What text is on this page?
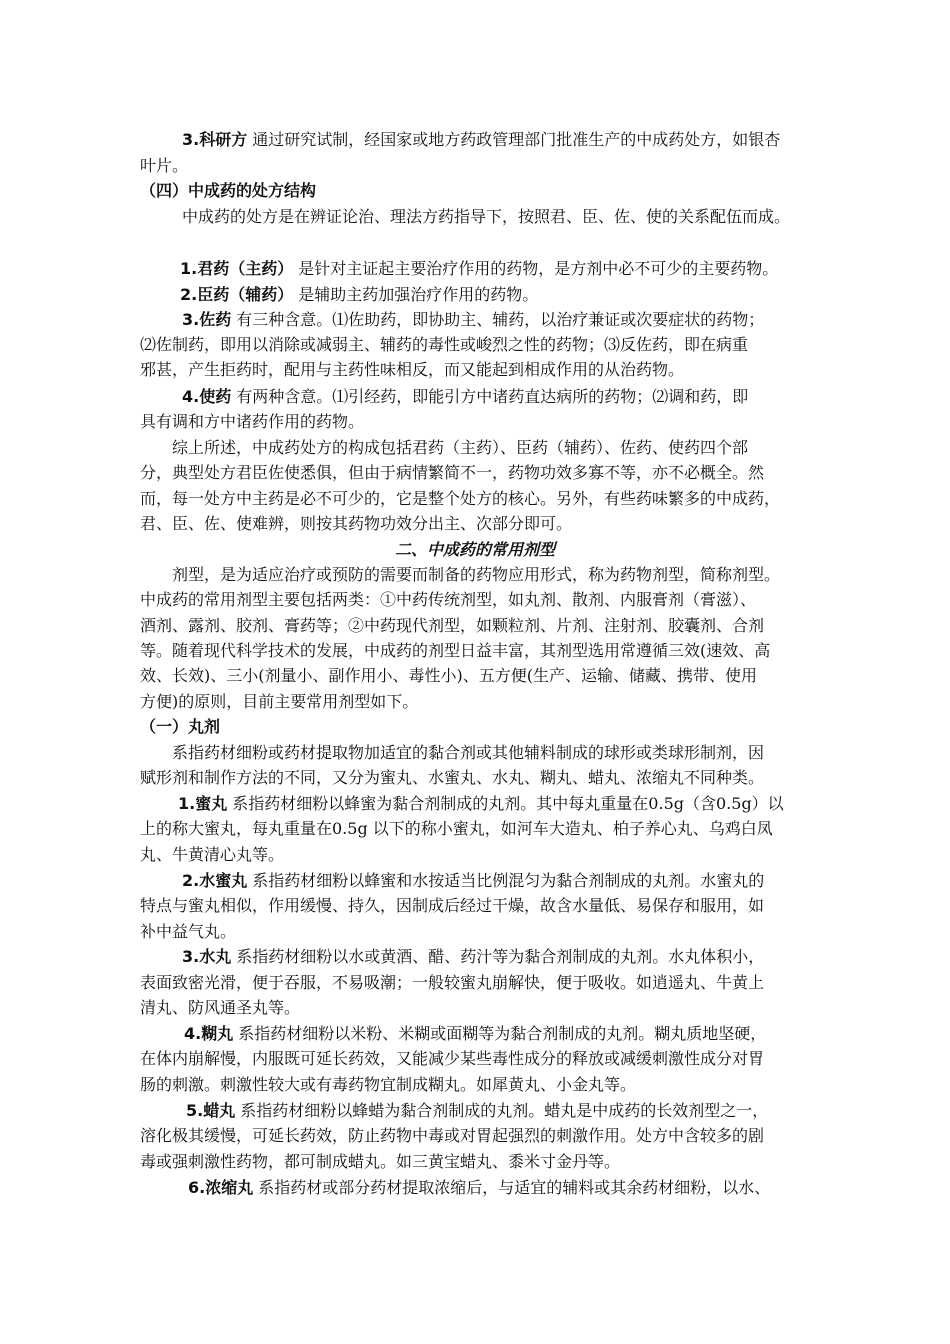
3.科研方 通过研究试制，经国家或地方药政管理部门批准生产的中成药处方，如银杏
叶片。
（四）中成药的处方结构
中成药的处方是在辨证论治、理法方药指导下，按照君、臣、佐、使的关系配伍而成。
1.君药（主药） 是针对主证起主要治疗作用的药物，是方剂中必不可少的主要药物。
2.臣药（辅药） 是辅助主药加强治疗作用的药物。
3.佐药 有三种含意。⑴佐助药，即协助主、辅药，以治疗兼证或次要症状的药物；
⑵佐制药，即用以消除或减弱主、辅药的毒性或峻烈之性的药物；⑶反佐药，即在病重
邪甚，产生拒药时，配用与主药性味相反，而又能起到相成作用的从治药物。
4.使药 有两种含意。⑴引经药，即能引方中诸药直达病所的药物；⑵调和药，即
具有调和方中诸药作用的药物。
综上所述，中成药处方的构成包括君药（主药）、臣药（辅药）、佐药、使药四个部
分，典型处方君臣佐使悉俱，但由于病情繁简不一，药物功效多寡不等，亦不必概全。然
而，每一处方中主药是必不可少的，它是整个处方的核心。另外，有些药味繁多的中成药，
君、臣、佐、使难辨，则按其药物功效分出主、次部分即可。
二、中成药的常用剂型
剂型，是为适应治疗或预防的需要而制备的药物应用形式，称为药物剂型，简称剂型。
中成药的常用剂型主要包括两类：①中药传统剂型，如丸剂、散剂、内服膏剂（膏滋）、
酒剂、露剂、胶剂、膏药等；②中药现代剂型，如颗粒剂、片剂、注射剂、胶囊剂、合剂
等。随着现代科学技术的发展，中成药的剂型日益丰富，其剂型选用常遵循三效(速效、高
效、长效)、三小(剂量小、副作用小、毒性小)、五方便(生产、运输、储藏、携带、使用
方便)的原则，目前主要常用剂型如下。
（一）丸剂
系指药材细粉或药材提取物加适宜的黏合剂或其他辅料制成的球形或类球形制剂，因
赋形剂和制作方法的不同，又分为蜜丸、水蜜丸、水丸、糊丸、蜡丸、浓缩丸不同种类。
1.蜜丸 系指药材细粉以蜂蜜为黏合剂制成的丸剂。其中每丸重量在0.5g（含0.5g）以
上的称大蜜丸，每丸重量在0.5g 以下的称小蜜丸，如河车大造丸、柏子养心丸、乌鸡白凤
丸、牛黄清心丸等。
2.水蜜丸 系指药材细粉以蜂蜜和水按适当比例混匀为黏合剂制成的丸剂。水蜜丸的
特点与蜜丸相似，作用缓慢、持久，因制成后经过干燥，故含水量低、易保存和服用，如
补中益气丸。
3.水丸 系指药材细粉以水或黄酒、醋、药汁等为黏合剂制成的丸剂。水丸体积小，
表面致密光滑，便于吞服，不易吸潮；一般较蜜丸崩解快，便于吸收。如逍遥丸、牛黄上
清丸、防风通圣丸等。
4.糊丸 系指药材细粉以米粉、米糊或面糊等为黏合剂制成的丸剂。糊丸质地坚硬，
在体内崩解慢，内服既可延长药效，又能减少某些毒性成分的释放或减缓刺激性成分对胃
肠的刺激。刺激性较大或有毒药物宜制成糊丸。如犀黄丸、小金丸等。
5.蜡丸 系指药材细粉以蜂蜡为黏合剂制成的丸剂。蜡丸是中成药的长效剂型之一，
溶化极其缓慢，可延长药效，防止药物中毒或对胃起强烈的刺激作用。处方中含较多的剧
毒或强刺激性药物，都可制成蜡丸。如三黄宝蜡丸、黍米寸金丹等。
6.浓缩丸 系指药材或部分药材提取浓缩后，与适宜的辅料或其余药材细粉，以水、
